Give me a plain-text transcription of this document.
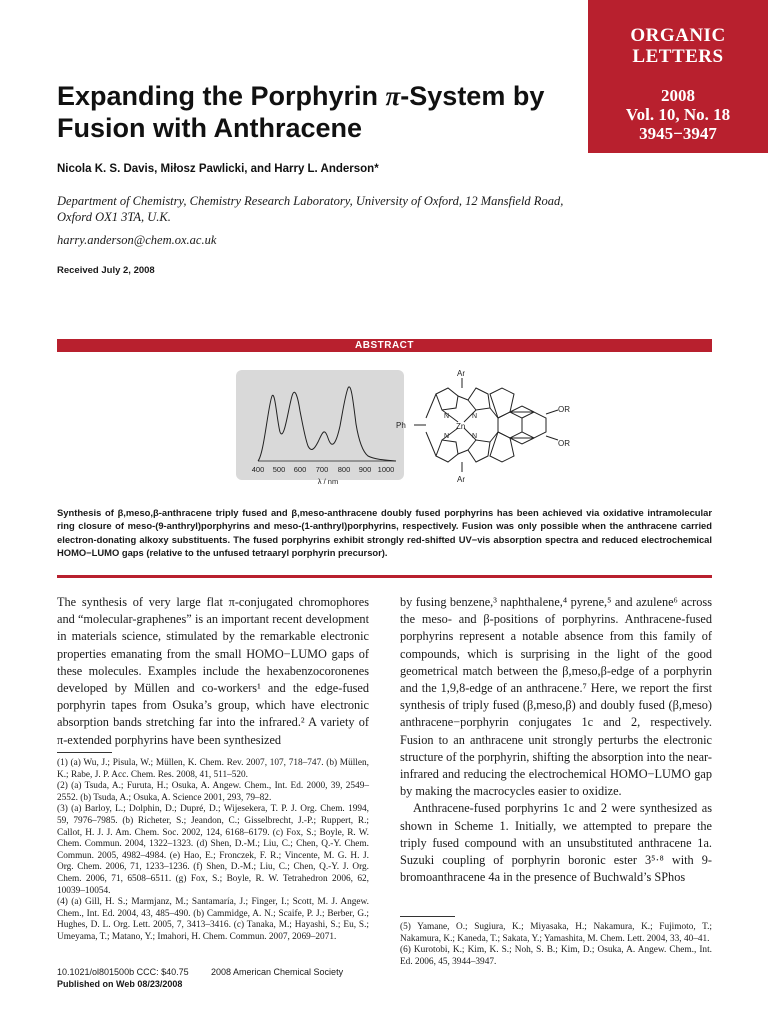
ORGANIC
LETTERS
2008
Vol. 10, No. 18
3945−3947
Expanding the Porphyrin π-System by Fusion with Anthracene
Nicola K. S. Davis, Miłosz Pawlicki, and Harry L. Anderson*
Department of Chemistry, Chemistry Research Laboratory, University of Oxford, 12 Mansfield Road, Oxford OX1 3TA, U.K.
harry.anderson@chem.ox.ac.uk
Received July 2, 2008
ABSTRACT
400 500 600 700 800 900 1000
λ / nm
Ar
Ar
Ph
OR
OR
Zn
N	N
N	N

Synthesis of β,meso,β-anthracene triply fused and β,meso-anthracene doubly fused porphyrins has been achieved via oxidative intramolecular ring closure of meso-(9-anthryl)porphyrins and meso-(1-anthryl)porphyrins, respectively. Fusion was only possible when the anthracene carried electron-donating alkoxy substituents. The fused porphyrins exhibit strongly red-shifted UV−vis absorption spectra and reduced electrochemical HOMO−LUMO gaps (relative to the unfused tetraaryl porphyrin precursor).

The synthesis of very large flat π-conjugated chromophores and “molecular-graphenes” is an important recent development in materials science, stimulated by the remarkable electronic properties emanating from the small HOMO−LUMO gaps of these molecules. Examples include the hexabenzocoronenes developed by Müllen and co-workers¹ and the edge-fused porphyrin tapes from Osuka’s group, which have electronic absorption bands stretching far into the infrared.² A variety of π-extended porphyrins have been synthesized

(1) (a) Wu, J.; Pisula, W.; Müllen, K. Chem. Rev. 2007, 107, 718–747. (b) Müllen, K.; Rabe, J. P. Acc. Chem. Res. 2008, 41, 511–520.
(2) (a) Tsuda, A.; Furuta, H.; Osuka, A. Angew. Chem., Int. Ed. 2000, 39, 2549–2552. (b) Tsuda, A.; Osuka, A. Science 2001, 293, 79–82.
(3) (a) Barloy, L.; Dolphin, D.; Dupré, D.; Wijesekera, T. P. J. Org. Chem. 1994, 59, 7976–7985. (b) Richeter, S.; Jeandon, C.; Gisselbrecht, J.-P.; Ruppert, R.; Callot, H. J. J. Am. Chem. Soc. 2002, 124, 6168–6179. (c) Fox, S.; Boyle, R. W. Chem. Commun. 2004, 1322–1323. (d) Shen, D.-M.; Liu, C.; Chen, Q.-Y. Chem. Commun. 2005, 4982–4984. (e) Hao, E.; Fronczek, F. R.; Vincente, M. G. H. J. Org. Chem. 2006, 71, 1233–1236. (f) Shen, D.-M.; Liu, C.; Chen, Q.-Y. J. Org. Chem. 2006, 71, 6508–6511. (g) Fox, S.; Boyle, R. W. Tetrahedron 2006, 62, 10039–10054.
(4) (a) Gill, H. S.; Marmjanz, M.; Santamaría, J.; Finger, I.; Scott, M. J. Angew. Chem., Int. Ed. 2004, 43, 485–490. (b) Cammidge, A. N.; Scaife, P. J.; Berber, G.; Hughes, D. L. Org. Lett. 2005, 7, 3413–3416. (c) Tanaka, M.; Hayashi, S.; Eu, S.; Umeyama, T.; Matano, Y.; Imahori, H. Chem. Commun. 2007, 2069–2071.

by fusing benzene,³ naphthalene,⁴ pyrene,⁵ and azulene⁶ across the meso- and β-positions of porphyrins. Anthracene-fused porphyrins represent a notable absence from this family of compounds, which is surprising in the light of the good geometrical match between the β,meso,β-edge of a porphyrin and the 1,9,8-edge of an anthracene.⁷ Here, we report the first synthesis of triply fused (β,meso,β) and doubly fused (β,meso) anthracene−porphyrin conjugates 1c and 2, respectively. Fusion to an anthracene unit strongly perturbs the electronic structure of the porphyrin, shifting the absorption into the near-infrared and reducing the electrochemical HOMO−LUMO gap by making the macrocycles easier to oxidize.

Anthracene-fused porphyrins 1c and 2 were synthesized as shown in Scheme 1. Initially, we attempted to prepare the triply fused compound with an unsubstituted anthracene 1a. Suzuki coupling of porphyrin boronic ester 3⁵·⁸ with 9-bromoanthracene 4a in the presence of Buchwald’s SPhos

(5) Yamane, O.; Sugiura, K.; Miyasaka, H.; Nakamura, K.; Fujimoto, T.; Nakamura, K.; Kaneda, T.; Sakata, Y.; Yamashita, M. Chem. Lett. 2004, 33, 40–41.
(6) Kurotobi, K.; Kim, K. S.; Noh, S. B.; Kim, D.; Osuka, A. Angew. Chem., Int. Ed. 2006, 45, 3944–3947.
10.1021/ol801500b CCC: $40.75 2008 American Chemical Society
Published on Web 08/23/2008
